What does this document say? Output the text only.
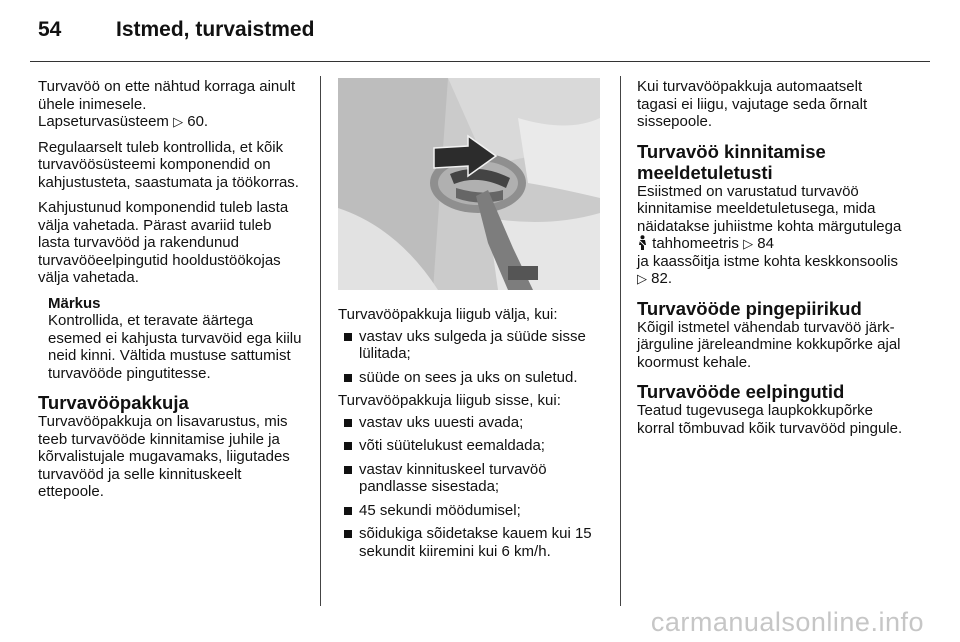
54	Istmed, turvaistmed

Turvavöö on ette nähtud korraga ainult ühele inimesele.
Lapseturvasüsteem ▷ 60.

Regulaarselt tuleb kontrollida, et kõik turvavöösüsteemi komponendid on kahjustusteta, saastumata ja töökorras.

Kahjustunud komponendid tuleb lasta välja vahetada. Pärast avariid tuleb lasta turvavööd ja rakendunud turvavööeelpingutid hooldustöökojas välja vahetada.

Märkus
Kontrollida, et teravate äärtega esemed ei kahjusta turvavöid ega kiilu neid kinni. Vältida mustuse sattumist turvavööde pingutitesse.
Turvavööpakkuja

Turvavööpakkuja on lisavarustus, mis teeb turvavööde kinnitamise juhile ja kõrvalistujale mugavamaks, liigutades turvavööd ja selle kinnituskeelt ettepoole.

Turvavööpakkuja liigub välja, kui:

vastav uks sulgeda ja süüde sisse lülitada;
süüde on sees ja uks on suletud.

Turvavööpakkuja liigub sisse, kui:

vastav uks uuesti avada;
võti süütelukust eemaldada;
vastav kinnituskeel turvavöö pandlasse sisestada;
45 sekundi möödumisel;
sõidukiga sõidetakse kauem kui 15 sekundit kiiremini kui 6 km/h.

Kui turvavööpakkuja automaatselt tagasi ei liigu, vajutage seda õrnalt sissepoole.

Turvavöö kinnitamise meeldetuletusti

Esiistmed on varustatud turvavöö kinnitamise meeldetuletusega, mida näidatakse juhiistme kohta märgutulega  tahhomeetris ▷ 84
ja kaassõitja istme kohta keskkonsoolis ▷ 82.

Turvavööde pingepiirikud

Kõigil istmetel vähendab turvavöö järk-järguline järeleandmine kokkupõrke ajal koormust kehale.

Turvavööde eelpingutid

Teatud tugevusega laupkokkupõrke korral tõmbuvad kõik turvavööd pingule.

carmanualsonline.info
